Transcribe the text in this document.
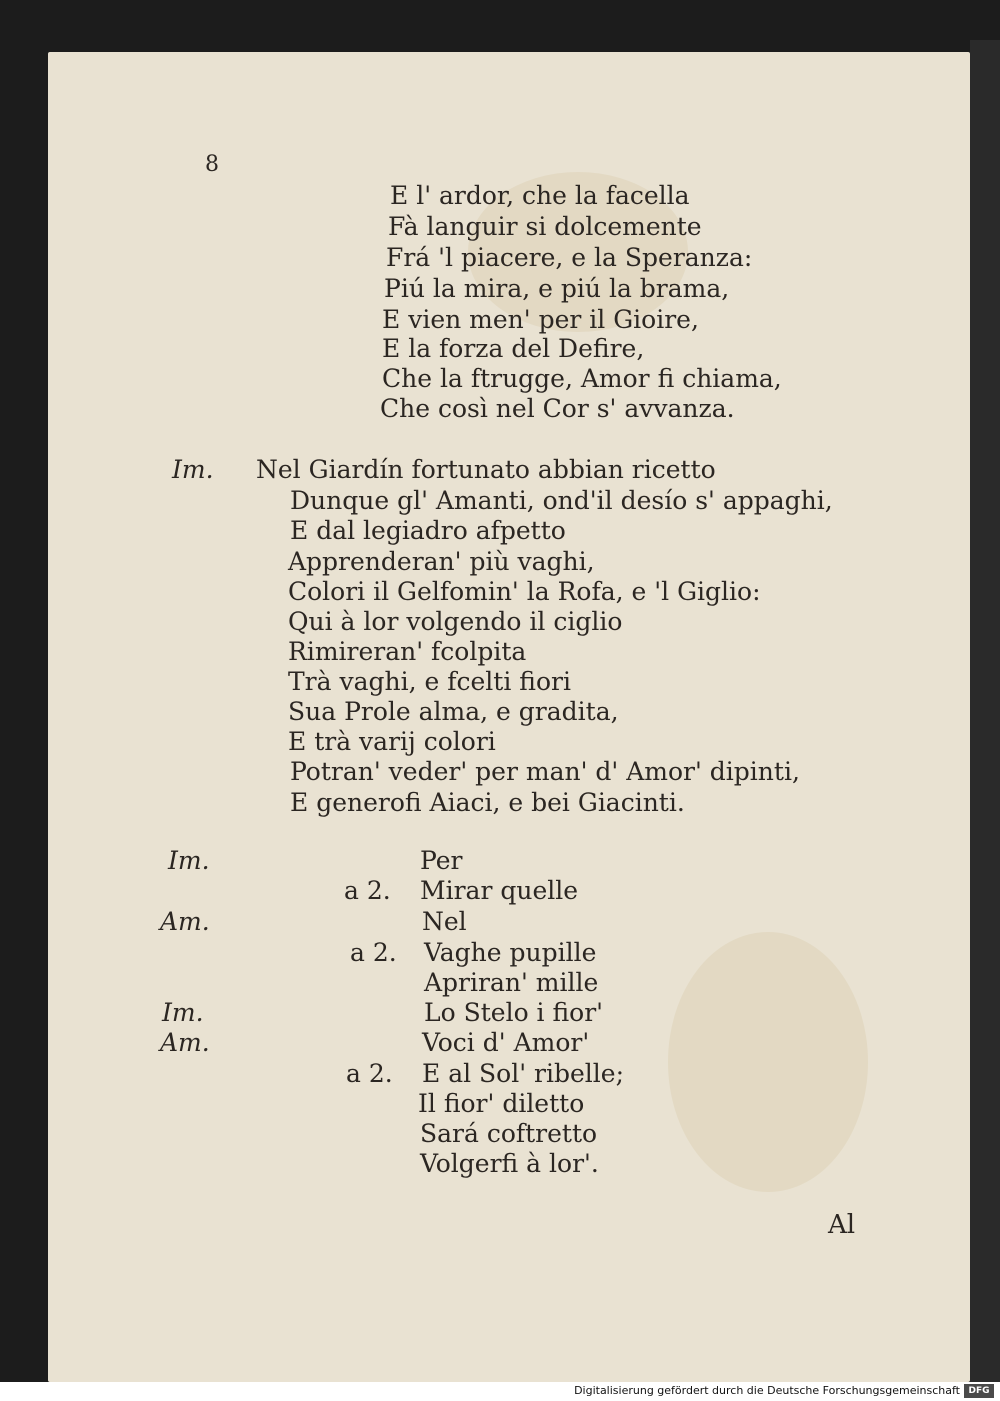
8
E l' ardor, che la facella
Fà languir si dolcemente
Frá 'l piacere, e la Speranza:
Piú la mira, e piú la brama,
E vien men' per il Gioire,
E la forza del Defire,
Che la ftrugge, Amor fi chiama,
Che così nel Cor s' avvanza.
Im. Nel Giardín fortunato abbian ricetto
Dunque gl' Amanti, ond'il desío s' appaghi,
E dal legiadro afpetto
Apprenderan' più vaghi,
Colori il Gelfomin' la Rofa, e 'l Giglio:
Qui à lor volgendo il ciglio
Rimireran' fcolpita
Trà vaghi, e fcelti fiori
Sua Prole alma, e gradita,
E trà varij colori
Potran' veder' per man' d' Amor' dipinti,
E generofi Aiaci, e bei Giacinti.
Im.	Per
a 2. Mirar quelle
Am.	Nel
a 2. Vaghe pupille
Apriran' mille
Im.	Lo Stelo i fior'
Am.	Voci d' Amor'
a 2. E al Sol' ribelle;
Il fior' diletto
Sará coftretto
Volgerfi à lor'.
Al
Digitalisierung gefördert durch die Deutsche Forschungsgemeinschaft DFG
